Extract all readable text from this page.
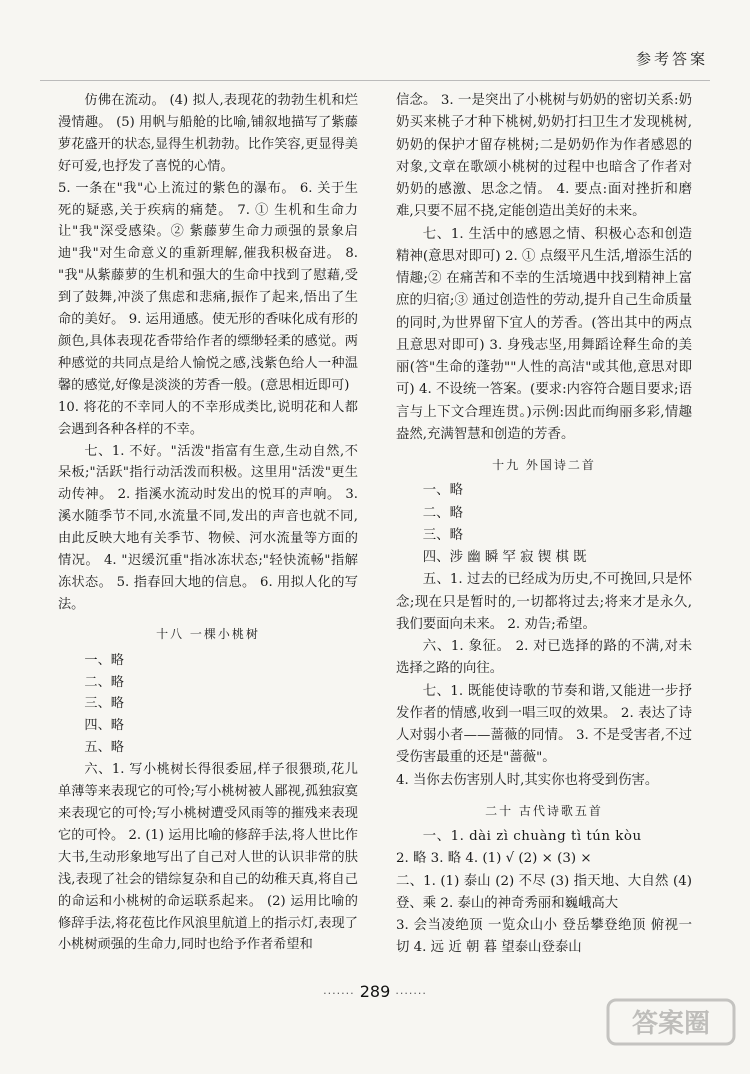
参考答案

仿佛在流动。 (4) 拟人,表现花的勃勃生机和烂漫情趣。 (5) 用帆与船舱的比喻,铺叙地描写了紫藤萝花盛开的状态,显得生机勃勃。比作笑容,更显得美好可爱,也抒发了喜悦的心情。

5. 一条在"我"心上流过的紫色的瀑布。 6. 关于生死的疑惑,关于疾病的痛楚。 7. ① 生机和生命力让"我"深受感染。② 紫藤萝生命力顽强的景象启迪"我"对生命意义的重新理解,催我积极奋进。 8. "我"从紫藤萝的生机和强大的生命中找到了慰藉,受到了鼓舞,冲淡了焦虑和悲痛,振作了起来,悟出了生命的美好。 9. 运用通感。使无形的香味化成有形的颜色,具体表现花香带给作者的缥缈轻柔的感觉。两种感觉的共同点是给人愉悦之感,浅紫色给人一种温馨的感觉,好像是淡淡的芳香一般。(意思相近即可)

10. 将花的不幸同人的不幸形成类比,说明花和人都会遇到各种各样的不幸。

七、1. 不好。"活泼"指富有生意,生动自然,不呆板;"活跃"指行动活泼而积极。这里用"活泼"更生动传神。 2. 指溪水流动时发出的悦耳的声响。 3. 溪水随季节不同,水流量不同,发出的声音也就不同,由此反映大地有关季节、物候、河水流量等方面的情况。 4. "迟缓沉重"指冰冻状态;"轻快流畅"指解冻状态。 5. 指春回大地的信息。 6. 用拟人化的写法。

十八 一棵小桃树

一、略

二、略

三、略

四、略

五、略

六、1. 写小桃树长得很委屈,样子很猥琐,花儿单薄等来表现它的可怜;写小桃树被人鄙视,孤独寂寞来表现它的可怜;写小桃树遭受风雨等的摧残来表现它的可怜。 2. (1) 运用比喻的修辞手法,将人世比作大书,生动形象地写出了自己对人世的认识非常的肤浅,表现了社会的错综复杂和自己的幼稚天真,将自己的命运和小桃树的命运联系起来。 (2) 运用比喻的修辞手法,将花苞比作风浪里航道上的指示灯,表现了小桃树顽强的生命力,同时也给予作者希望和

信念。 3. 一是突出了小桃树与奶奶的密切关系:奶奶买来桃子才种下桃树,奶奶打扫卫生才发现桃树,奶奶的保护才留存桃树;二是奶奶作为作者感恩的对象,文章在歌颂小桃树的过程中也暗含了作者对奶奶的感激、思念之情。 4. 要点:面对挫折和磨难,只要不屈不挠,定能创造出美好的未来。

七、1. 生活中的感恩之情、积极心态和创造精神(意思对即可) 2. ① 点缀平凡生活,增添生活的情趣;② 在痛苦和不幸的生活境遇中找到精神上富庶的归宿;③ 通过创造性的劳动,提升自己生命质量的同时,为世界留下宜人的芳香。(答出其中的两点且意思对即可) 3. 身残志坚,用舞蹈诠释生命的美丽(答"生命的蓬勃""人性的高洁"或其他,意思对即可) 4. 不设统一答案。(要求:内容符合题目要求;语言与上下文合理连贯。)示例:因此而绚丽多彩,情趣盎然,充满智慧和创造的芳香。

十九 外国诗二首

一、略

二、略

三、略

四、涉 幽 瞬 罕 寂 锲 棋 既

五、1. 过去的已经成为历史,不可挽回,只是怀念;现在只是暂时的,一切都将过去;将来才是永久,我们要面向未来。 2. 劝告;希望。

六、1. 象征。 2. 对已选择的路的不满,对未选择之路的向往。

七、1. 既能使诗歌的节奏和谐,又能进一步抒发作者的情感,收到一唱三叹的效果。 2. 表达了诗人对弱小者——蔷薇的同情。 3. 不是受害者,不过受伤害最重的还是"蔷薇"。

4. 当你去伤害别人时,其实你也将受到伤害。

二十 古代诗歌五首

一、1. dài zì chuàng tì tún kòu

2. 略 3. 略 4. (1) √ (2) × (3) ×

二、1. (1) 泰山 (2) 不尽 (3) 指天地、大自然 (4) 登、乘 2. 泰山的神奇秀丽和巍峨高大

3. 会当凌绝顶 一览众山小 登岳攀登绝顶 俯视一切 4. 远 近 朝 暮 望泰山登泰山

······· 289 ·······
答案圈
